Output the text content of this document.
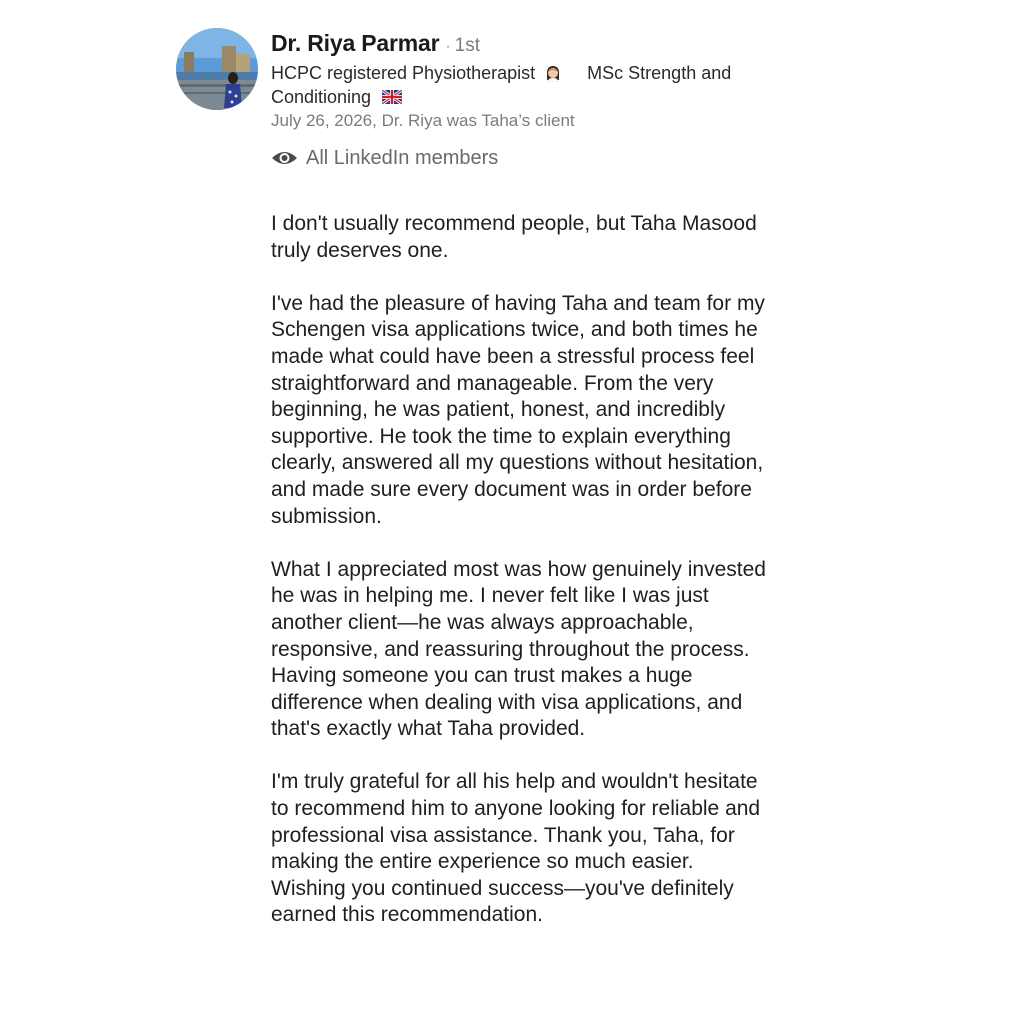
Dr. Riya Parmar · 1st
HCPC registered Physiotherapist	MSc Strength and Conditioning
July 26, 2026, Dr. Riya was Taha’s client
All LinkedIn members

I don't usually recommend people, but Taha Masood truly deserves one.

I've had the pleasure of having Taha and team for my Schengen visa applications twice, and both times he made what could have been a stressful process feel straightforward and manageable. From the very beginning, he was patient, honest, and incredibly supportive. He took the time to explain everything clearly, answered all my questions without hesitation, and made sure every document was in order before submission.

What I appreciated most was how genuinely invested he was in helping me. I never felt like I was just another client—he was always approachable, responsive, and reassuring throughout the process. Having someone you can trust makes a huge difference when dealing with visa applications, and that's exactly what Taha provided.

I'm truly grateful for all his help and wouldn't hesitate to recommend him to anyone looking for reliable and professional visa assistance. Thank you, Taha, for making the entire experience so much easier. Wishing you continued success—you've definitely earned this recommendation.
